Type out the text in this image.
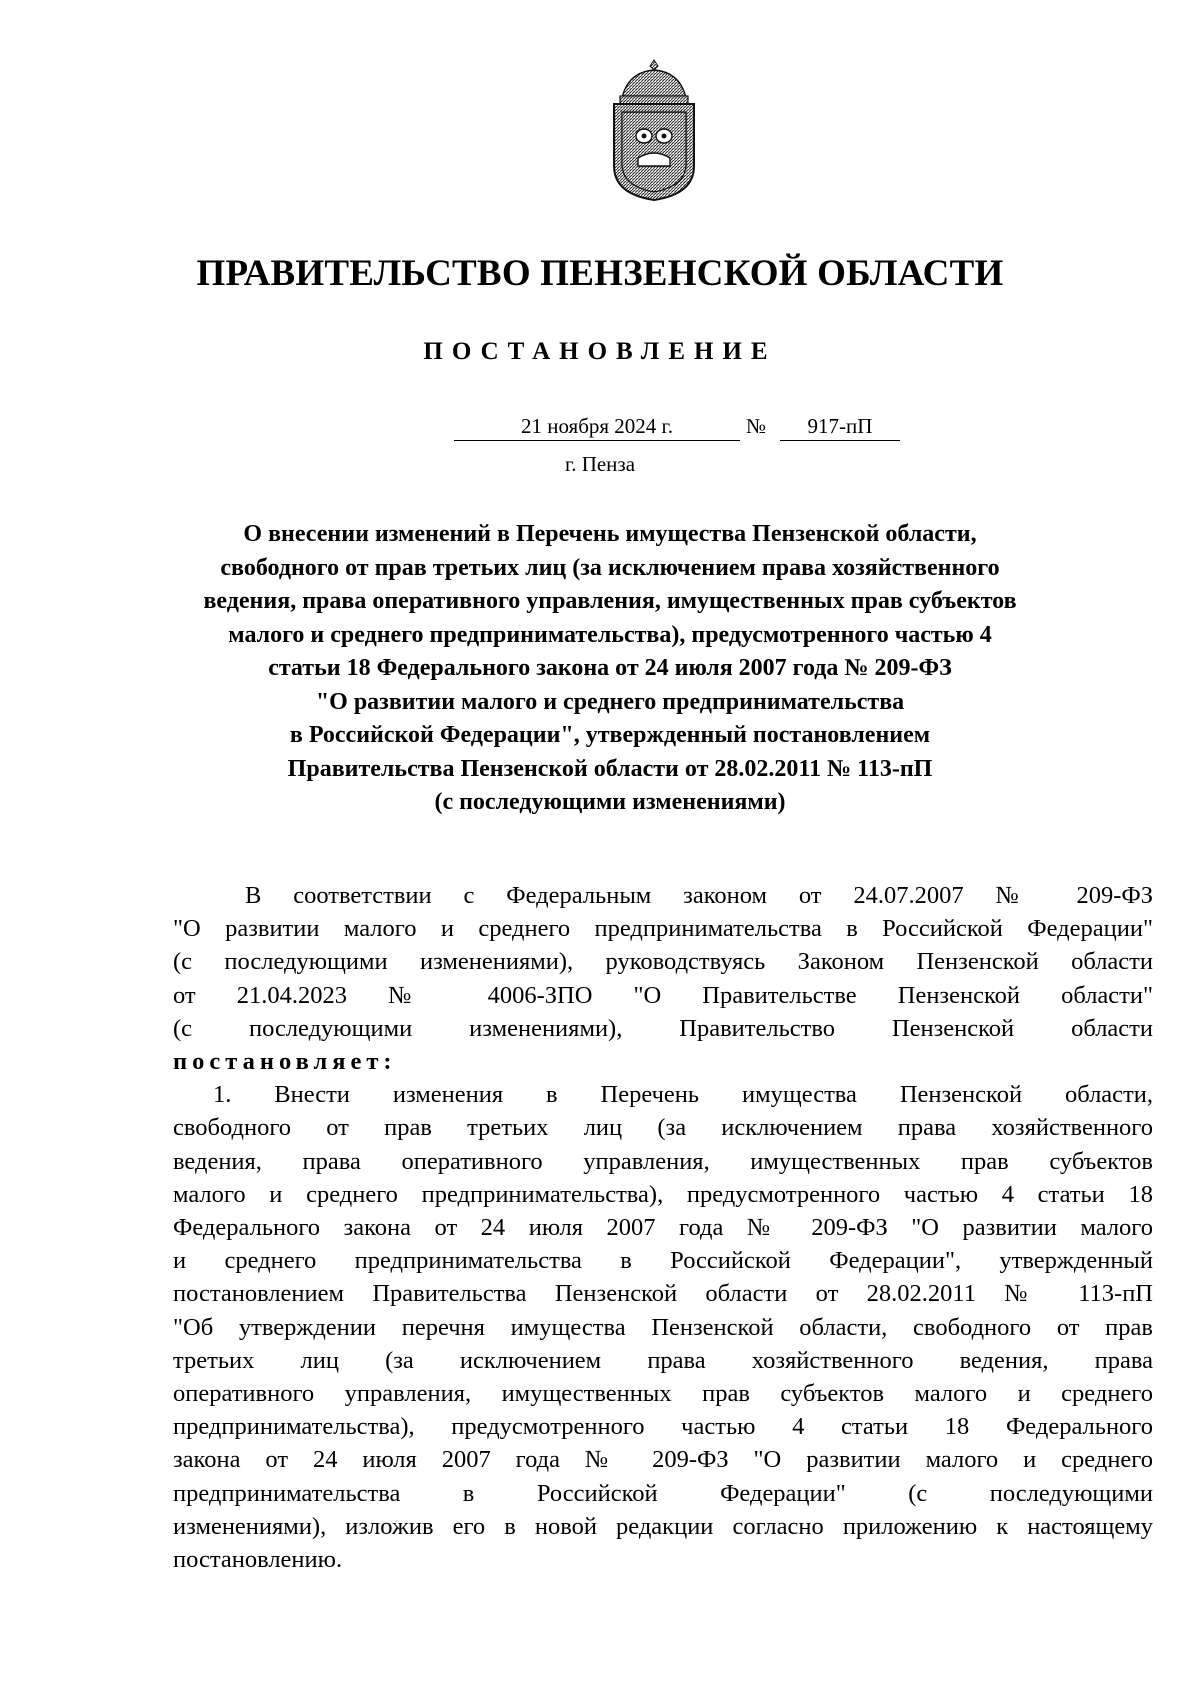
ПРАВИТЕЛЬСТВО ПЕНЗЕНСКОЙ ОБЛАСТИ
ПОСТАНОВЛЕНИЕ
21 ноября 2024 г.	№	917-пП
г. Пенза
О внесении изменений в Перечень имущества Пензенской области,
свободного от прав третьих лиц (за исключением права хозяйственного
ведения, права оперативного управления, имущественных прав субъектов
малого и среднего предпринимательства), предусмотренного частью 4
статьи 18 Федерального закона от 24 июля 2007 года № 209-ФЗ
"О развитии малого и среднего предпринимательства
в Российской Федерации", утвержденный постановлением
Правительства Пензенской области от 28.02.2011 № 113-пП
(с последующими изменениями)
В соответствии с Федеральным законом от 24.07.2007 № 209-ФЗ
"О развитии малого и среднего предпринимательства в Российской Федерации"
(с последующими изменениями), руководствуясь Законом Пензенской области
от 21.04.2023 № 4006-ЗПО "О Правительстве Пензенской области"
(с последующими изменениями), Правительство Пензенской области
постановляет:
1. Внести изменения в Перечень имущества Пензенской области,
свободного от прав третьих лиц (за исключением права хозяйственного
ведения, права оперативного управления, имущественных прав субъектов
малого и среднего предпринимательства), предусмотренного частью 4 статьи 18
Федерального закона от 24 июля 2007 года № 209-ФЗ "О развитии малого
и среднего предпринимательства в Российской Федерации", утвержденный
постановлением Правительства Пензенской области от 28.02.2011 № 113-пП
"Об утверждении перечня имущества Пензенской области, свободного от прав
третьих лиц (за исключением права хозяйственного ведения, права
оперативного управления, имущественных прав субъектов малого и среднего
предпринимательства), предусмотренного частью 4 статьи 18 Федерального
закона от 24 июля 2007 года № 209-ФЗ "О развитии малого и среднего
предпринимательства в Российской Федерации" (с последующими
изменениями), изложив его в новой редакции согласно приложению к настоящему
постановлению.
